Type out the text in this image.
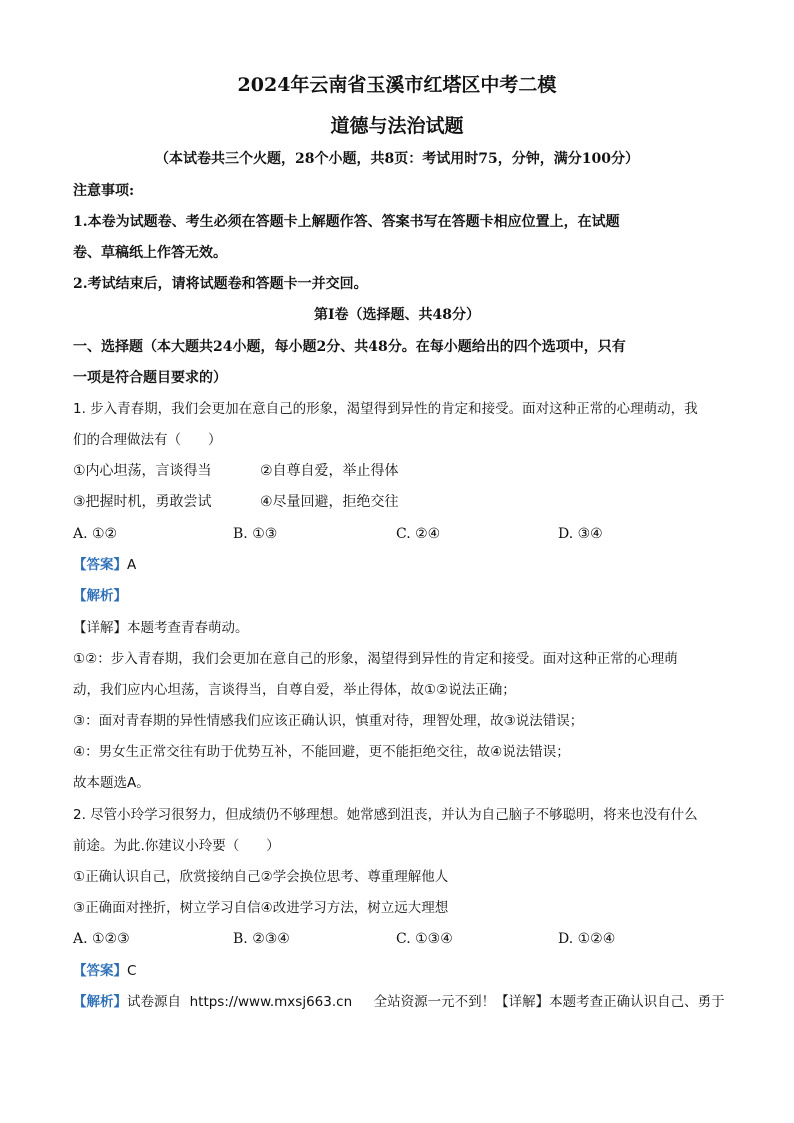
2024年云南省玉溪市红塔区中考二模
道德与法治试题
（本试卷共三个火题，28个小题，共8页：考试用时75，分钟，满分100分）
注意事项:
1.本卷为试题卷、考生必须在答题卡上解题作答、答案书写在答题卡相应位置上，在试题
卷、草稿纸上作答无效。
2.考试结束后，请将试题卷和答题卡一并交回。
第I卷（选择题、共48分）
一、选择题（本大题共24小题，每小题2分、共48分。在每小题给出的四个选项中，只有
一项是符合题目要求的）
1. 步入青春期，我们会更加在意自己的形象，渴望得到异性的肯定和接受。面对这种正常的心理萌动，我
们的合理做法有（　　）
①内心坦荡，言谈得当	②自尊自爱，举止得体
③把握时机，勇敢尝试	④尽量回避，拒绝交往
A. ①②	B. ①③	C. ②④	D. ③④
【答案】A
【解析】
【详解】本题考查青春萌动。
①②：步入青春期，我们会更加在意自己的形象，渴望得到异性的肯定和接受。面对这种正常的心理萌
动，我们应内心坦荡，言谈得当，自尊自爱，举止得体，故①②说法正确；
③：面对青春期的异性情感我们应该正确认识，慎重对待，理智处理，故③说法错误；
④：男女生正常交往有助于优势互补，不能回避，更不能拒绝交往，故④说法错误；
故本题选A。
2. 尽管小玲学习很努力，但成绩仍不够理想。她常感到沮丧，并认为自己脑子不够聪明，将来也没有什么
前途。为此.你建议小玲要（　　）
①正确认识自己，欣赏接纳自己②学会换位思考、尊重理解他人
③正确面对挫折，树立学习自信④改进学习方法，树立远大理想
A. ①②③	B. ②③④	C. ①③④	D. ①②④
【答案】C
【解析】试卷源自 https://www.mxsj663.cn 全站资源一元不到！【详解】本题考查正确认识自己、勇于
